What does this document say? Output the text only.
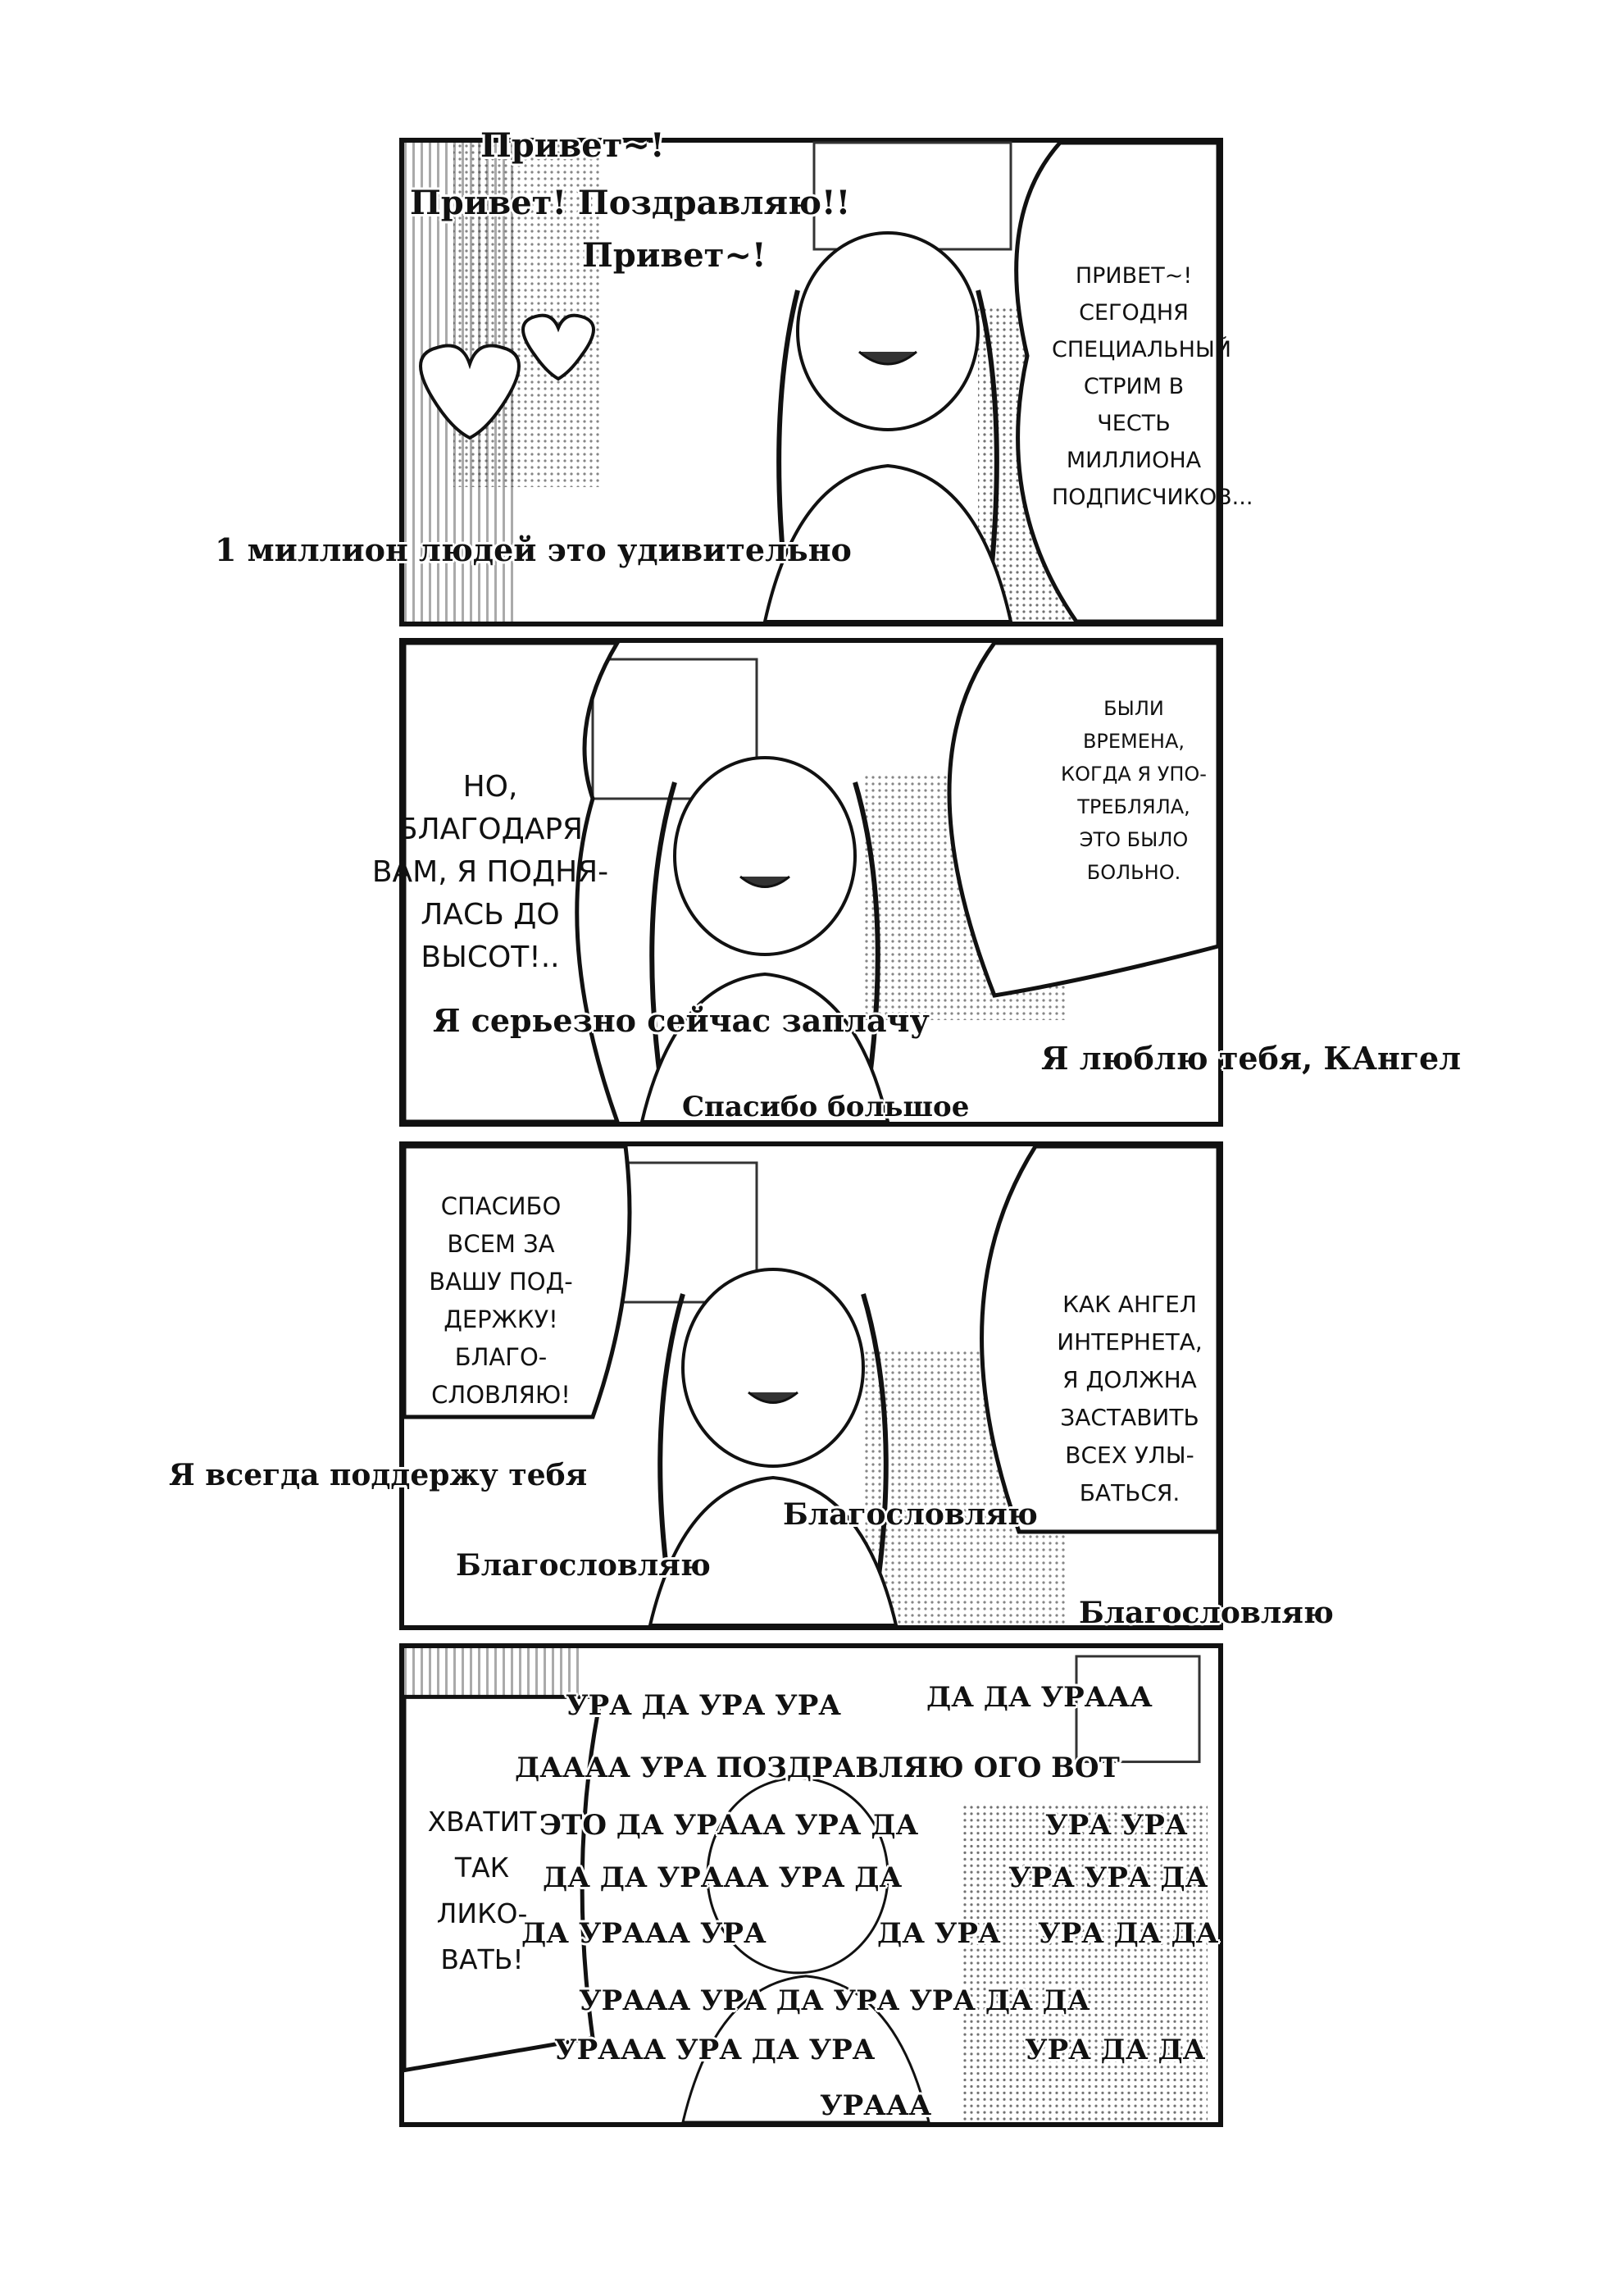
ПРИВЕТ~!
СЕГОДНЯ
СПЕЦИАЛЬНЫЙ
СТРИМ В ЧЕСТЬ
МИЛЛИОНА
ПОДПИСЧИКОВ...
НО,
БЛАГОДАРЯ
ВАМ, Я ПОДНЯ-
ЛАСЬ ДО
ВЫСОТ!..
БЫЛИ
ВРЕМЕНА,
КОГДА Я УПО-
ТРЕБЛЯЛА,
ЭТО БЫЛО
БОЛЬНО.
СПАСИБО
ВСЕМ ЗА
ВАШУ ПОД-
ДЕРЖКУ!
БЛАГО-
СЛОВЛЯЮ!
КАК АНГЕЛ
ИНТЕРНЕТА,
Я ДОЛЖНА
ЗАСТАВИТЬ
ВСЕХ УЛЫ-
БАТЬСЯ.
ХВАТИТ
ТАК
ЛИКО-
ВАТЬ!
Привет~!
Привет! Поздравляю!!
Привет~!
1 миллион людей это удивительно
Я серьезно сейчас заплачу
Я люблю тебя, КАнгел
Спасибо большое
Я всегда поддержу тебя
Благословляю
Благословляю
Благословляю
УРА ДА УРА УРА	ДА ДА УРААА
ДАААА УРА ПОЗДРАВЛЯЮ ОГО ВОТ
ЭТО ДА УРААА УРА ДА	УРА УРА
ДА ДА УРААА УРА ДА	УРА УРА ДА
ДА УРААА УРА	ДА УРА УРА ДА ДА
УРААА УРА ДА УРА УРА ДА ДА
УРААА УРА ДА УРА	УРА ДА ДА
УРААА
